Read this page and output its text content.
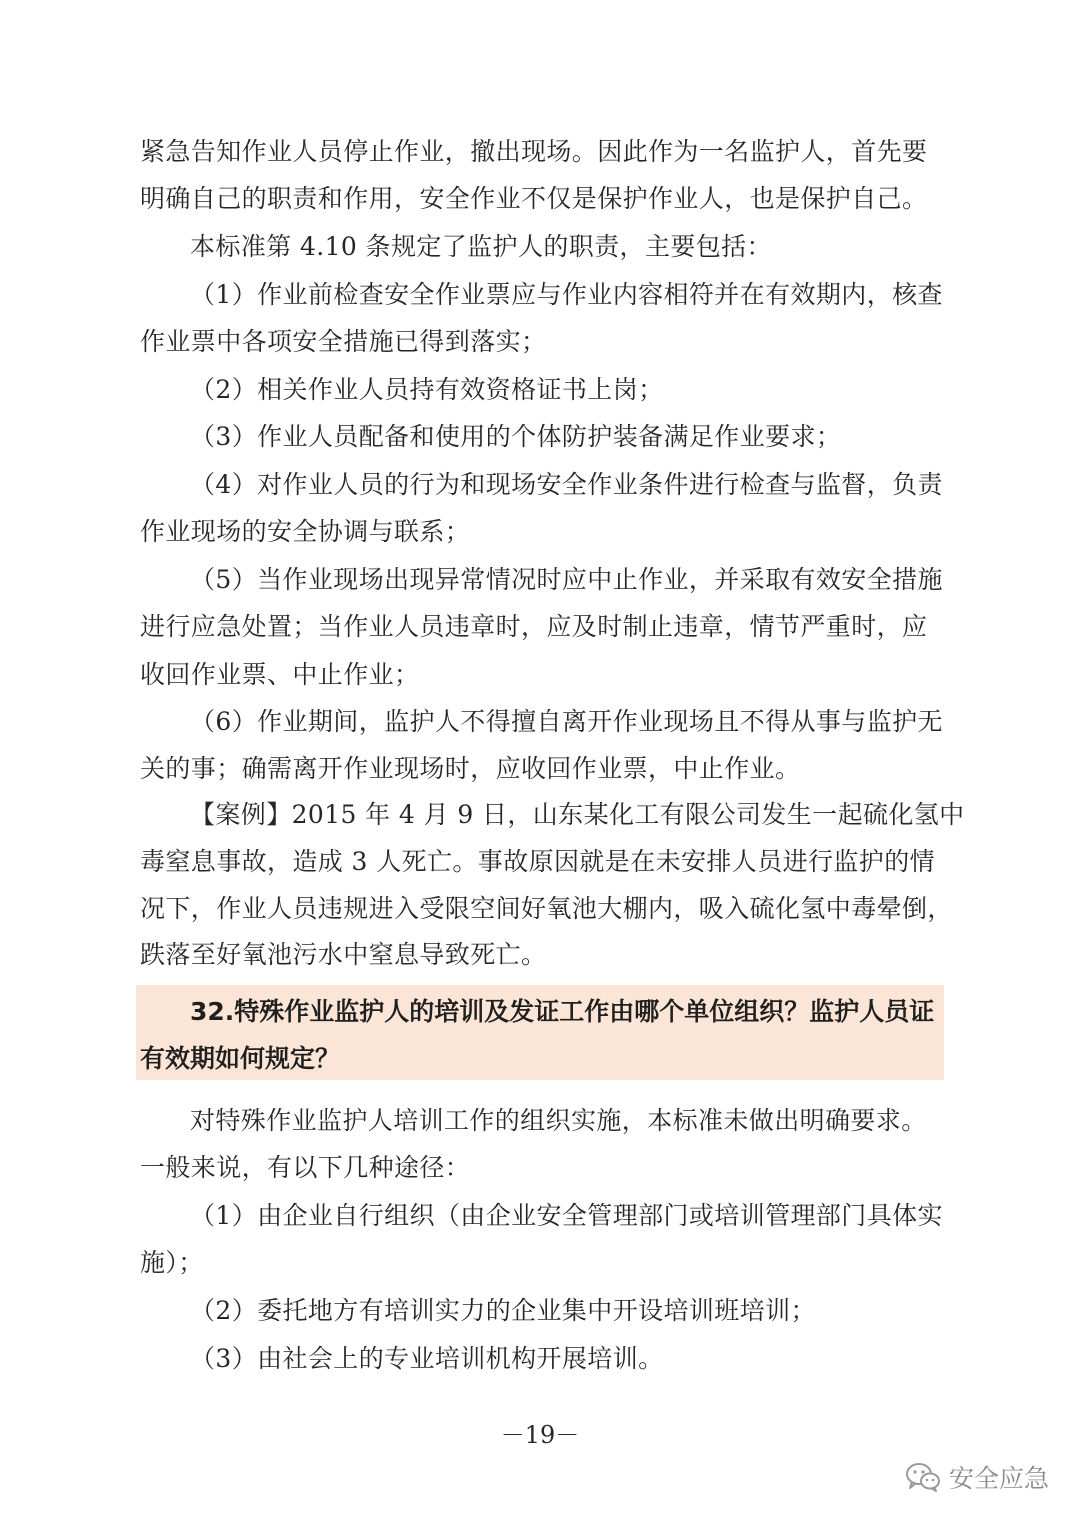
紧急告知作业人员停止作业，撤出现场。因此作为一名监护人，首先要
明确自己的职责和作用，安全作业不仅是保护作业人，也是保护自己。
本标准第 4.10 条规定了监护人的职责，主要包括：
（1）作业前检查安全作业票应与作业内容相符并在有效期内，核查
作业票中各项安全措施已得到落实；
（2）相关作业人员持有效资格证书上岗；
（3）作业人员配备和使用的个体防护装备满足作业要求；
（4）对作业人员的行为和现场安全作业条件进行检查与监督，负责
作业现场的安全协调与联系；
（5）当作业现场出现异常情况时应中止作业，并采取有效安全措施
进行应急处置；当作业人员违章时，应及时制止违章，情节严重时，应
收回作业票、中止作业；
（6）作业期间，监护人不得擅自离开作业现场且不得从事与监护无
关的事；确需离开作业现场时，应收回作业票，中止作业。
【案例】2015 年 4 月 9 日，山东某化工有限公司发生一起硫化氢中
毒窒息事故，造成 3 人死亡。事故原因就是在未安排人员进行监护的情
况下，作业人员违规进入受限空间好氧池大棚内，吸入硫化氢中毒晕倒，
跌落至好氧池污水中窒息导致死亡。
32.特殊作业监护人的培训及发证工作由哪个单位组织？监护人员证
有效期如何规定？
对特殊作业监护人培训工作的组织实施，本标准未做出明确要求。
一般来说，有以下几种途径：
（1）由企业自行组织（由企业安全管理部门或培训管理部门具体实
施）；
（2）委托地方有培训实力的企业集中开设培训班培训；
（3）由社会上的专业培训机构开展培训。
－19－
安全应急
